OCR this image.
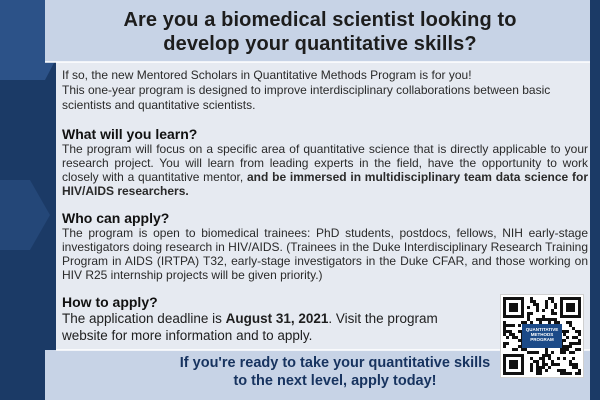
Are you a biomedical scientist looking to develop your quantitative skills?
If so, the new Mentored Scholars in Quantitative Methods Program is for you!
This one-year program is designed to improve interdisciplinary collaborations between basic scientists and quantitative scientists.
What will you learn?
The program will focus on a specific area of quantitative science that is directly applicable to your research project. You will learn from leading experts in the field, have the opportunity to work closely with a quantitative mentor, and be immersed in multidisciplinary team data science for HIV/AIDS researchers.
Who can apply?
The program is open to biomedical trainees: PhD students, postdocs, fellows, NIH early-stage investigators doing research in HIV/AIDS. (Trainees in the Duke Interdisciplinary Research Training Program in AIDS (IRTPA) T32, early-stage investigators in the Duke CFAR, and those working on HIV R25 internship projects will be given priority.)
How to apply?
The application deadline is August 31, 2021. Visit the program website for more information and to apply.	QUANTITATIVE METHODS PROGRAM
If you're ready to take your quantitative skills
to the next level, apply today!
